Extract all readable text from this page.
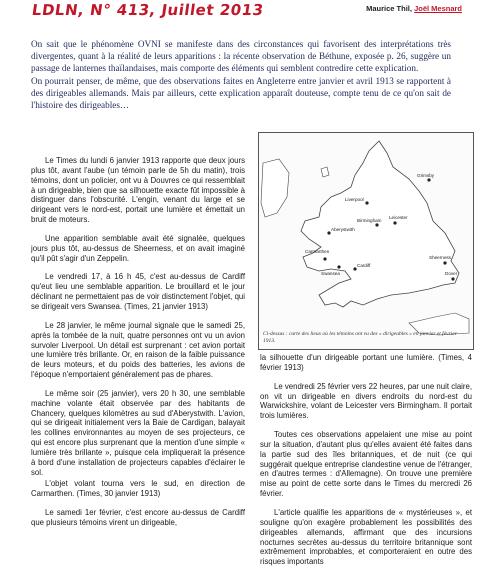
LDLN, N° 413, Juillet 2013	Maurice Thil, Joël Mesnard
On sait que le phénomène OVNI se manifeste dans des circonstances qui favorisent des interprétations très divergentes, quant à la réalité de leurs apparitions : la récente observation de Béthune, exposée p. 26, suggère un passage de lanternes thaïlandaises, mais comporte des éléments qui semblent contredire cette explication.
On pourrait penser, de même, que des observations faites en Angleterre entre janvier et avril 1913 se rapportent à des dirigeables allemands. Mais par ailleurs, cette explication apparaît douteuse, compte tenu de ce qu'on sait de l'histoire des dirigeables…

Le Times du lundi 6 janvier 1913 rapporte que deux jours plus tôt, avant l'aube (un témoin parle de 5h du matin), trois témoins, dont un policier, ont vu à Douvres ce qui ressemblait à un dirigeable, bien que sa silhouette exacte fût impossible à distinguer dans l'obscurité. L'engin, venant du large et se dirigeant vers le nord-est, portait une lumière et émettait un bruit de moteurs.

Une apparition semblable avait été signalée, quelques jours plus tôt, au-dessus de Sheerness, et on avait imaginé qu'il pût s'agir d'un Zeppelin.

Le vendredi 17, à 16 h 45, c'est au-dessus de Cardiff qu'eut lieu une semblable apparition. Le brouillard et le jour déclinant ne permettaient pas de voir distinctement l'objet, qui se dirigeait vers Swansea. (Times, 21 janvier 1913)

Le 28 janvier, le même journal signale que le samedi 25, après la tombée de la nuit, quatre personnes ont vu un avion survoler Liverpool. Un détail est surprenant : cet avion portait une lumière très brillante. Or, en raison de la faible puissance de leurs moteurs, et du poids des batteries, les avions de l'époque n'emportaient généralement pas de phares.

Le même soir (25 janvier), vers 20 h 30, une semblable machine volante était observée par des habitants de Chancery, quelques kilomètres au sud d'Aberystwith. L'avion, qui se dirigeait initialement vers la Baie de Cardigan, balayait les collines environnantes au moyen de ses projecteurs, ce qui est encore plus surprenant que la mention d'une simple « lumière très brillante », puisque cela impliquerait la présence à bord d'une installation de projecteurs capables d'éclairer le sol.

L'objet volant tourna vers le sud, en direction de Carmarthen. (Times, 30 janvier 1913)

Le samedi 1er février, c'est encore au-dessus de Cardiff que plusieurs témoins virent un dirigeable,

Grimsby
Liverpool
Birmingham
Leicester
Aberystwith
Carmarthen
Swansea
Cardiff
Sheerness
Dover
Ci-dessus : carte des lieux où les témoins ont vu des « dirigeables » en janvier et février 1913.

la silhouette d'un dirigeable portant une lumière. (Times, 4 février 1913)

Le vendredi 25 février vers 22 heures, par une nuit claire, on vit un dirigeable en divers endroits du nord-est du Warwickshire, volant de Leicester vers Birmingham. Il portait trois lumières.

Toutes ces observations appelaient une mise au point sur la situation, d'autant plus qu'elles avaient été faites dans la partie sud des îles britanniques, et de nuit (ce qui suggérait quelque entreprise clandestine venue de l'étranger, en d'autres termes : d'Allemagne). On trouve une première mise au point de cette sorte dans le Times du mercredi 26 février.

L'article qualifie les apparitions de « mystérieuses », et souligne qu'on exagère probablement les possibilités des dirigeables allemands, affirmant que des incursions nocturnes secrètes au-dessus du territoire britannique sont extrêmement improbables, et comporteraient en outre des risques importants
